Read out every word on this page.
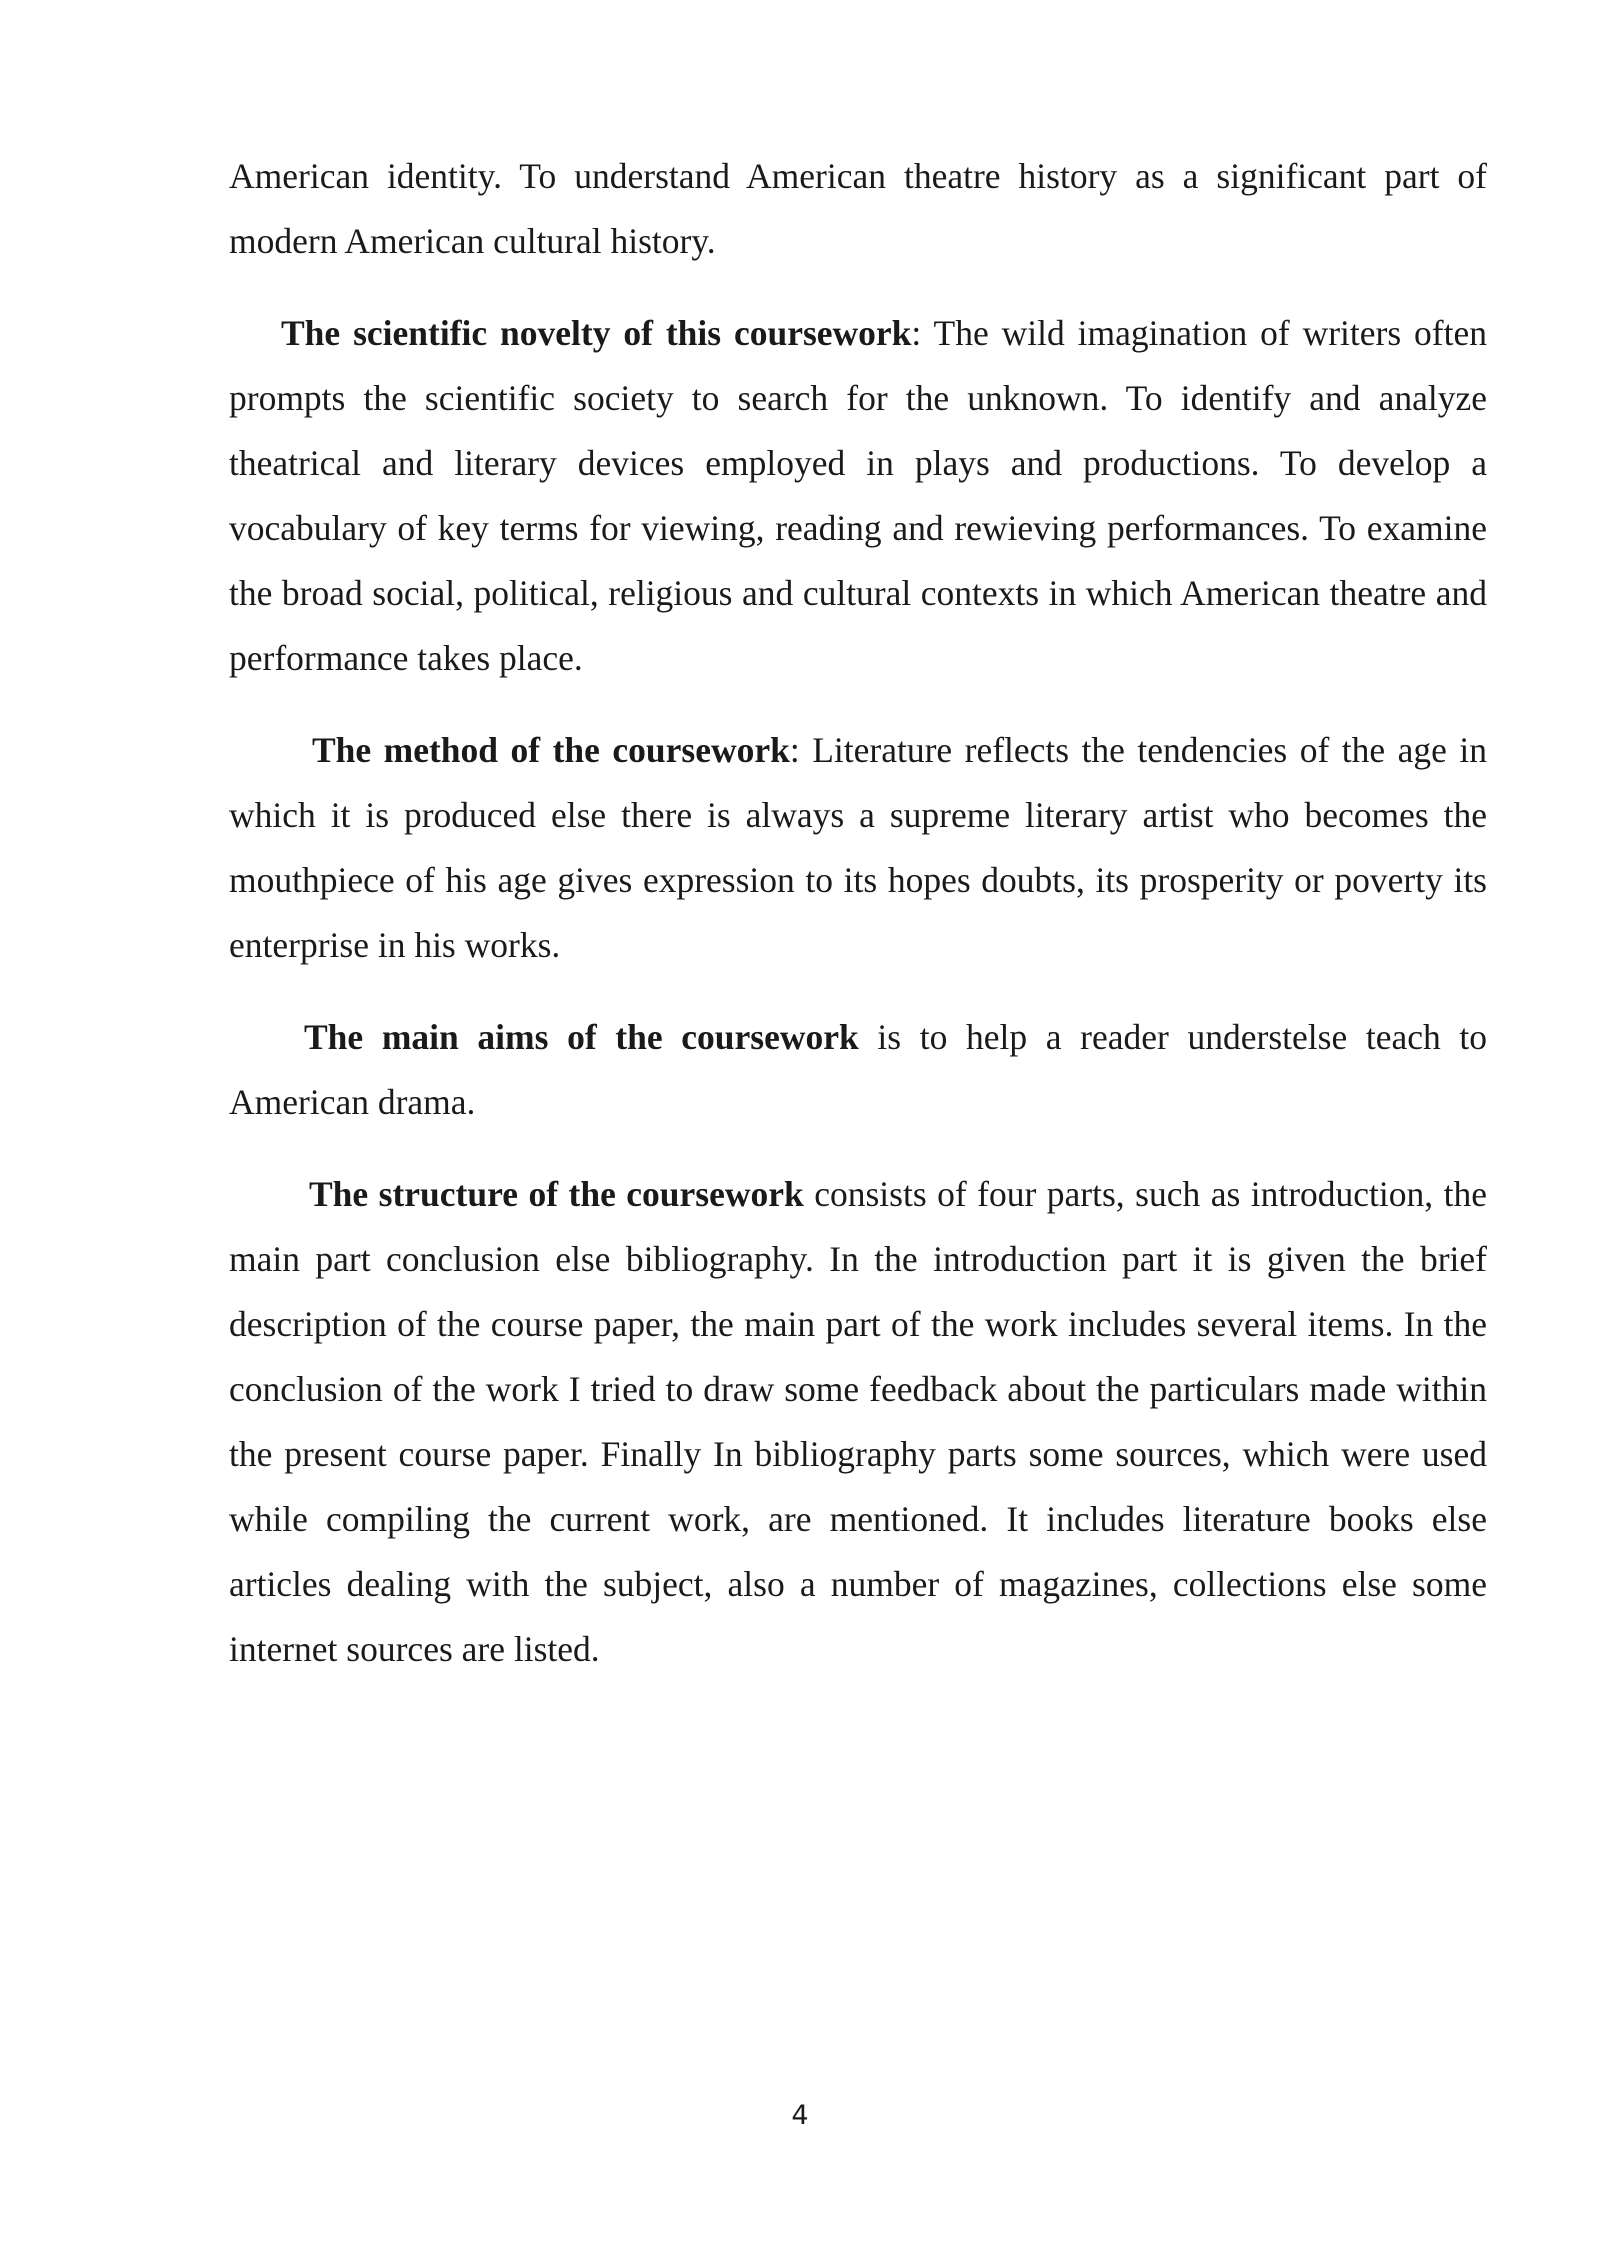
American identity. To understand American theatre history as a significant part of modern American cultural history.

The scientific novelty of this coursework: The wild imagination of writers often prompts the scientific society to search for the unknown. To identify and analyze theatrical and literary devices employed in plays and productions. To develop a vocabulary of key terms for viewing, reading and rewieving performances. To examine the broad social, political, religious and cultural contexts in which American theatre and performance takes place.

The method of the coursework: Literature reflects the tendencies of the age in which it is produced else there is always a supreme literary artist who becomes the mouthpiece of his age gives expression to its hopes doubts, its prosperity or poverty its enterprise in his works.

The main aims of the coursework is to help a reader understelse teach to American drama.

The structure of the coursework consists of four parts, such as introduction, the main part conclusion else bibliography. In the introduction part it is given the brief description of the course paper, the main part of the work includes several items. In the conclusion of the work I tried to draw some feedback about the particulars made within the present course paper. Finally In bibliography parts some sources, which were used while compiling the current work, are mentioned. It includes literature books else articles dealing with the subject, also a number of magazines, collections else some internet sources are listed.

4
